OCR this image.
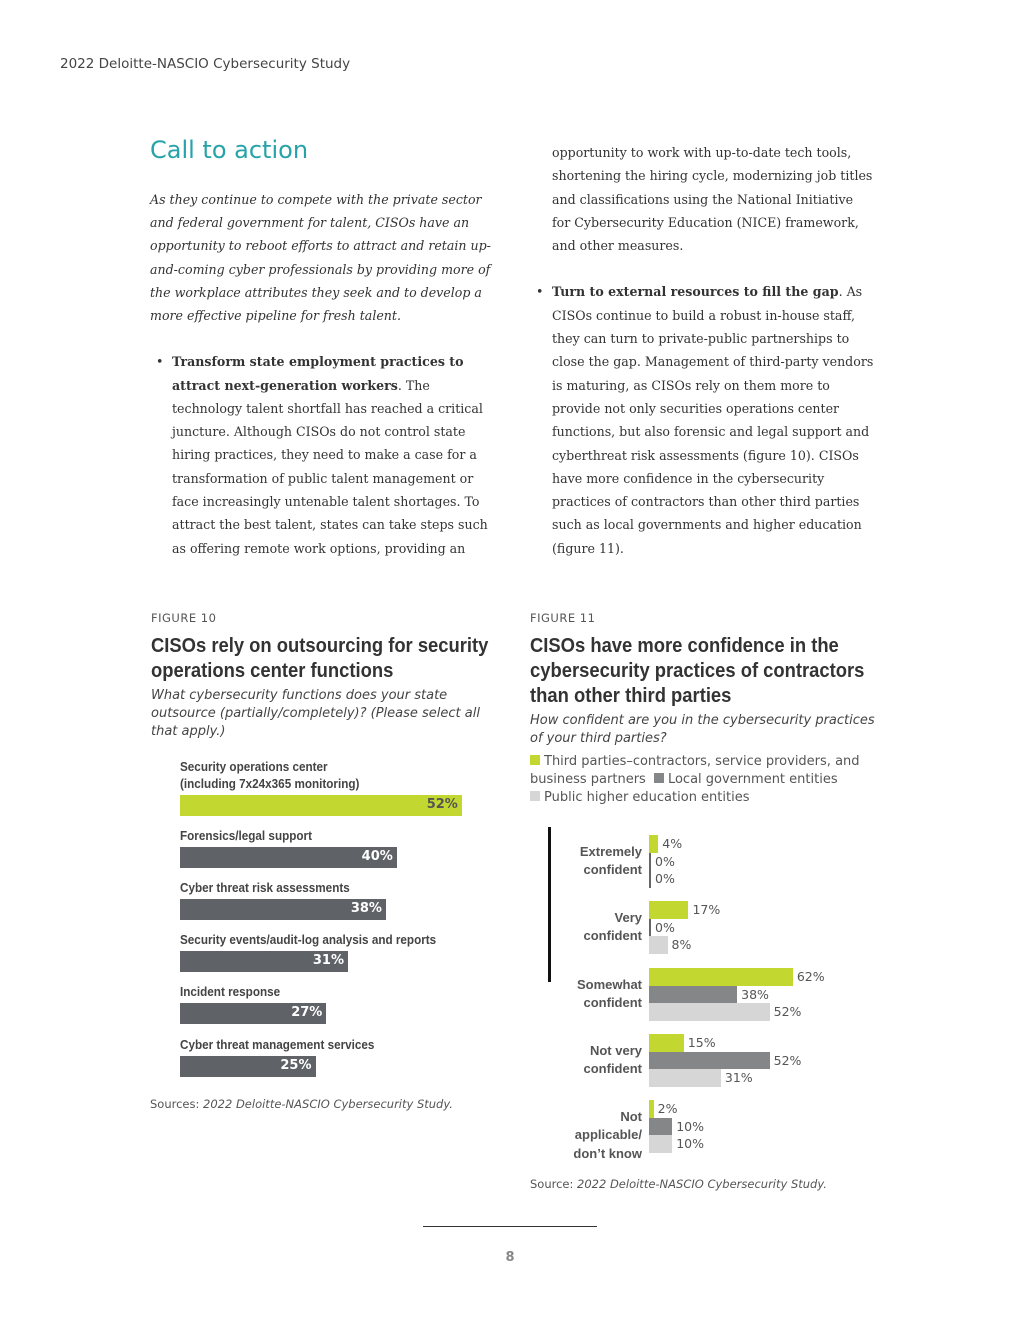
2022 Deloitte-NASCIO Cybersecurity Study
Call to action

As they continue to compete with the private sector and federal government for talent, CISOs have an opportunity to reboot efforts to attract and retain up-and-coming cyber professionals by providing more of the workplace attributes they seek and to develop a more effective pipeline for fresh talent.

• Transform state employment practices to attract next-generation workers. The technology talent shortfall has reached a critical juncture. Although CISOs do not control state hiring practices, they need to make a case for a transformation of public talent management or face increasingly untenable talent shortages. To attract the best talent, states can take steps such as offering remote work options, providing an

opportunity to work with up-to-date tech tools, shortening the hiring cycle, modernizing job titles and classifications using the National Initiative for Cybersecurity Education (NICE) framework, and other measures.

• Turn to external resources to fill the gap. As CISOs continue to build a robust in-house staff, they can turn to private-public partnerships to close the gap. Management of third-party vendors is maturing, as CISOs rely on them more to provide not only securities operations center functions, but also forensic and legal support and cyberthreat risk assessments (figure 10). CISOs have more confidence in the cybersecurity practices of contractors than other third parties such as local governments and higher education (figure 11).

FIGURE 10
CISOs rely on outsourcing for security operations center functions

What cybersecurity functions does your state outsource (partially/completely)? (Please select all that apply.)

Security operations center
(including 7x24x365 monitoring)
52%
Forensics/legal support
40%
Cyber threat risk assessments
38%
Security events/audit-log analysis and reports
31%
Incident response
27%
Cyber threat management services
25%
Sources: 2022 Deloitte-NASCIO Cybersecurity Study.
FIGURE 11
CISOs have more confidence in the cybersecurity practices of contractors than other third parties

How confident are you in the cybersecurity practices of your third parties?

Third parties–contractors, service providers, and
business partners Local government entities
Public higher education entities
Extremely
confident
4%
0%
0%
Very
confident
17%
0%
8%
Somewhat
confident
62%
38%
52%
Not very
confident
15%
52%
31%
Not applicable/
don’t know
2%
10%
10%
Source: 2022 Deloitte-NASCIO Cybersecurity Study.
8
